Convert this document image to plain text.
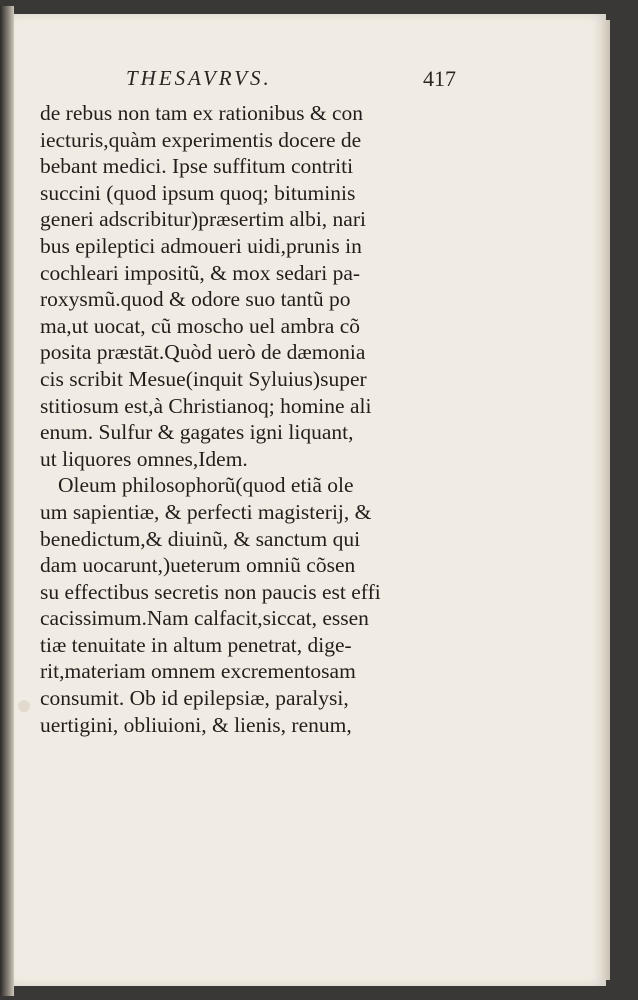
THESAVRVS.	417
de rebus non tam ex rationibus & con
iecturis,quàm experimentis docere de
bebant medici. Ipse suffitum contriti
succini (quod ipsum quoq; bituminis
generi adscribitur)præsertim albi, nari
bus epileptici admoueri uidi,prunis in
cochleari impositũ, & mox sedari pa-
roxysmũ.quod & odore suo tantũ po
ma,ut uocat, cũ moscho uel ambra cõ
posita præstāt.Quòd uerò de dæmonia
cis scribit Mesue(inquit Syluius)super
stitiosum est,à Christianoq; homine ali
enum. Sulfur & gagates igni liquant,
ut liquores omnes,Idem.
Oleum philosophorũ(quod etiã ole
um sapientiæ, & perfecti magisterij, &
benedictum,& diuinũ, & sanctum qui
dam uocarunt,)ueterum omniũ cõsen
su effectibus secretis non paucis est effi
cacissimum.Nam calfacit,siccat, essen
tiæ tenuitate in altum penetrat, dige-
rit,materiam omnem excrementosam
consumit. Ob id epilepsiæ, paralysi,
uertigini, obliuioni, & lienis, renum,
